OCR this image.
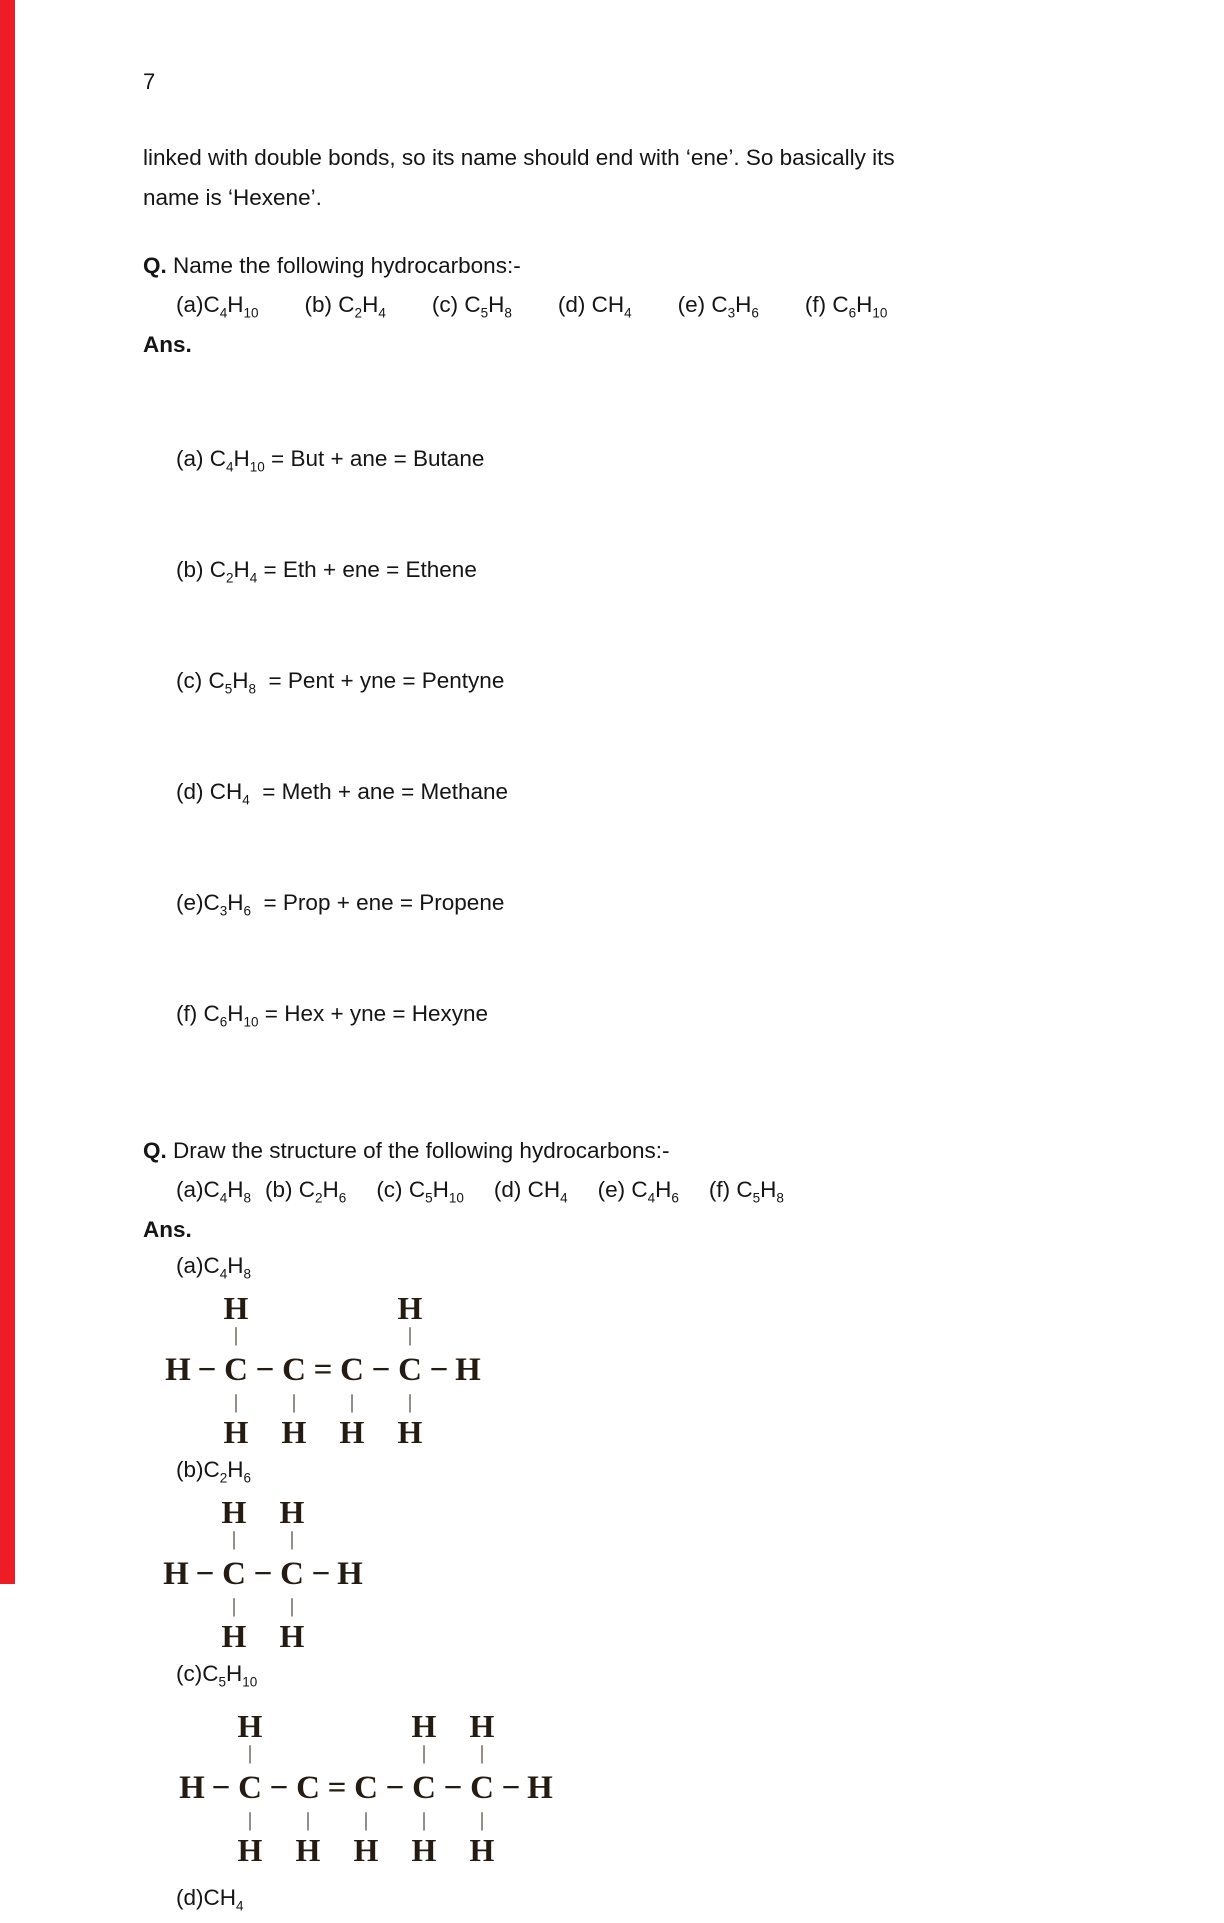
7
linked with double bonds, so its name should end with ‘ene’. So basically its
name is ‘Hexene’.
Q. Name the following hydrocarbons:-
$(a)C_4H_{10}$ (b) $C_2H_4$ (c) $C_5H_8$ (d) $CH_4$ (e) $C_3H_6$ (f) $C_6H_{10}$
Ans.

(a) $C_4H_{10}$ = But + ane = Butane

(b) $C_2H_4$ = Eth + ene = Ethene

(c) $C_5H_8$  = Pent + yne = Pentyne

(d) $CH_4$  = Meth + ane = Methane

$(e)C_3H_6$  = Prop + ene = Propene

(f) $C_6H_{10}$ = Hex + yne = Hexyne

Q. Draw the structure of the following hydrocarbons:-
$(a)C_4H_8$ (b) $C_2H_6$ (c) $C_5H_{10}$ (d) $CH_4$ (e) $C_4H_6$ (f) $C_5H_8$
Ans.
$(a)C_4H_8$
H	H
|	|
H − C − C = C − C − H
|	|	|	|
H H H H
$(b)C_2H_6$
H H
|	|
H − C − C − H
|	|
H H
$(c)C_5H_{10}$
H	H H
|	|	|
H − C − C = C − C − C − H
|	|	|	|	|
H H H H H
$(d)CH_4$
